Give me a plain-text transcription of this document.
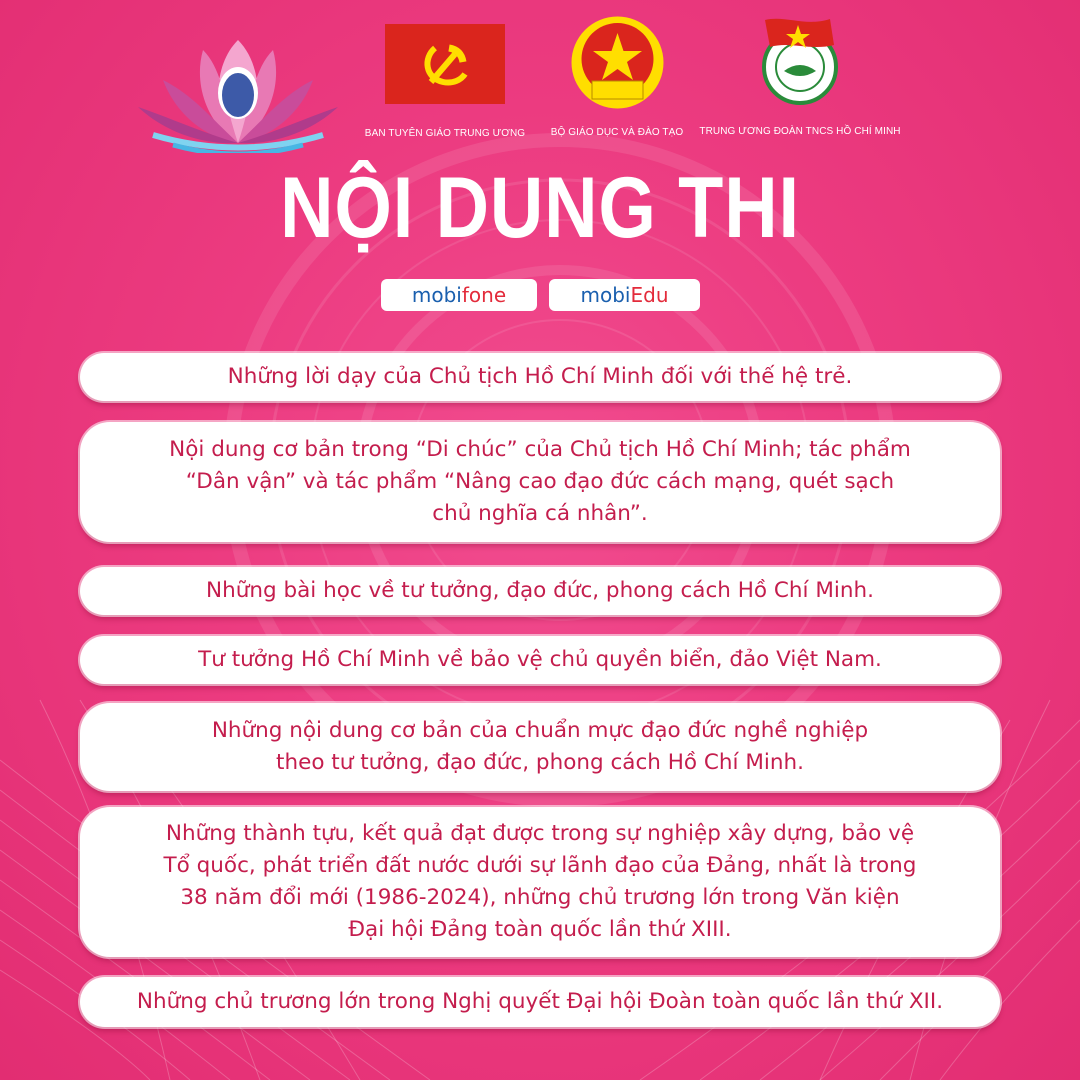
BAN TUYÊN GIÁO TRUNG ƯƠNG	BỘ GIÁO DỤC VÀ ĐÀO TẠO	TRUNG ƯƠNG ĐOÀN TNCS HỒ CHÍ MINH
NỘI DUNG THI
mobifone	mobiEdu
Những lời dạy của Chủ tịch Hồ Chí Minh đối với thế hệ trẻ.
Nội dung cơ bản trong “Di chúc” của Chủ tịch Hồ Chí Minh; tác phẩm
“Dân vận” và tác phẩm “Nâng cao đạo đức cách mạng, quét sạch
chủ nghĩa cá nhân”.
Những bài học về tư tưởng, đạo đức, phong cách Hồ Chí Minh.
Tư tưởng Hồ Chí Minh về bảo vệ chủ quyền biển, đảo Việt Nam.
Những nội dung cơ bản của chuẩn mực đạo đức nghề nghiệp
theo tư tưởng, đạo đức, phong cách Hồ Chí Minh.
Những thành tựu, kết quả đạt được trong sự nghiệp xây dựng, bảo vệ
Tổ quốc, phát triển đất nước dưới sự lãnh đạo của Đảng, nhất là trong
38 năm đổi mới (1986-2024), những chủ trương lớn trong Văn kiện
Đại hội Đảng toàn quốc lần thứ XIII.
Những chủ trương lớn trong Nghị quyết Đại hội Đoàn toàn quốc lần thứ XII.
